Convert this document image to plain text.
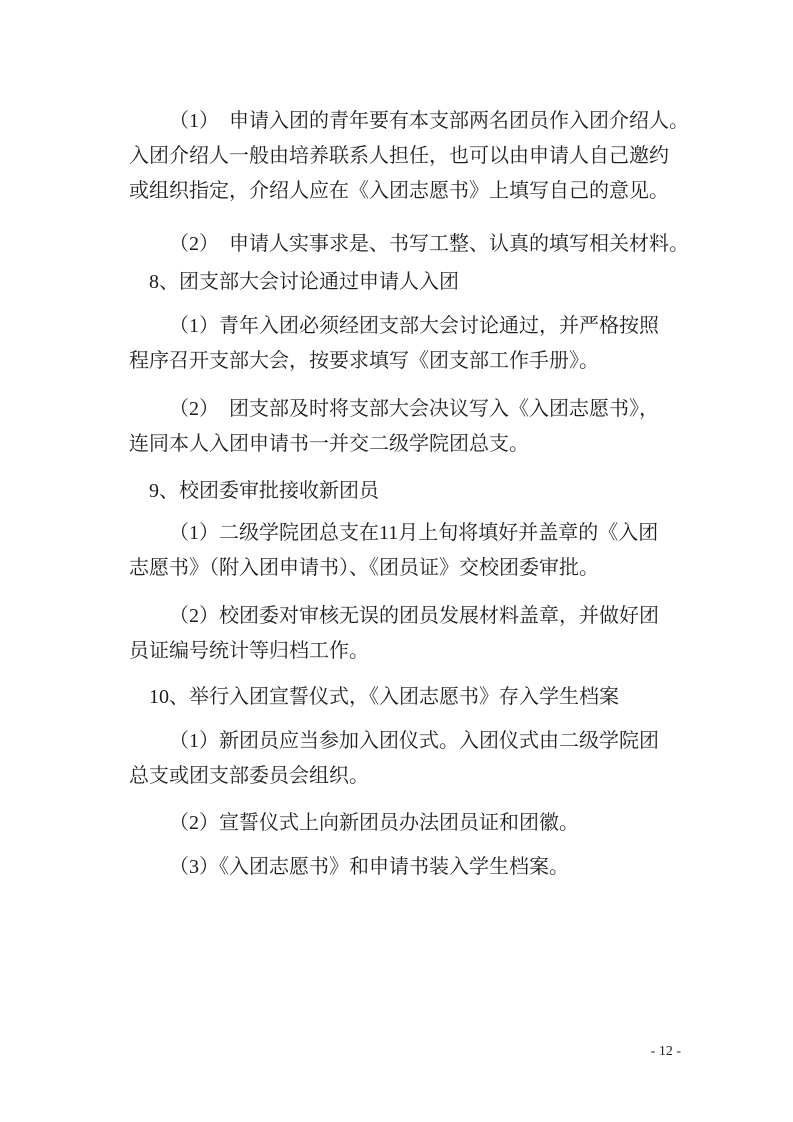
（1）　申请入团的青年要有本支部两名团员作入团介绍人。
入团介绍人一般由培养联系人担任，也可以由申请人自己邀约
或组织指定，介绍人应在《入团志愿书》上填写自己的意见。

（2）　申请人实事求是、书写工整、认真的填写相关材料。

8、团支部大会讨论通过申请人入团

（1）青年入团必须经团支部大会讨论通过，并严格按照
程序召开支部大会，按要求填写《团支部工作手册》。

（2）　团支部及时将支部大会决议写入《入团志愿书》，
连同本人入团申请书一并交二级学院团总支。

9、校团委审批接收新团员

（1）二级学院团总支在11月上旬将填好并盖章的《入团
志愿书》（附入团申请书）、《团员证》交校团委审批。

（2）校团委对审核无误的团员发展材料盖章，并做好团
员证编号统计等归档工作。

10、举行入团宣誓仪式，《入团志愿书》存入学生档案

（1）新团员应当参加入团仪式。入团仪式由二级学院团
总支或团支部委员会组织。

（2）宣誓仪式上向新团员办法团员证和团徽。

（3）《入团志愿书》和申请书装入学生档案。

- 12 -
